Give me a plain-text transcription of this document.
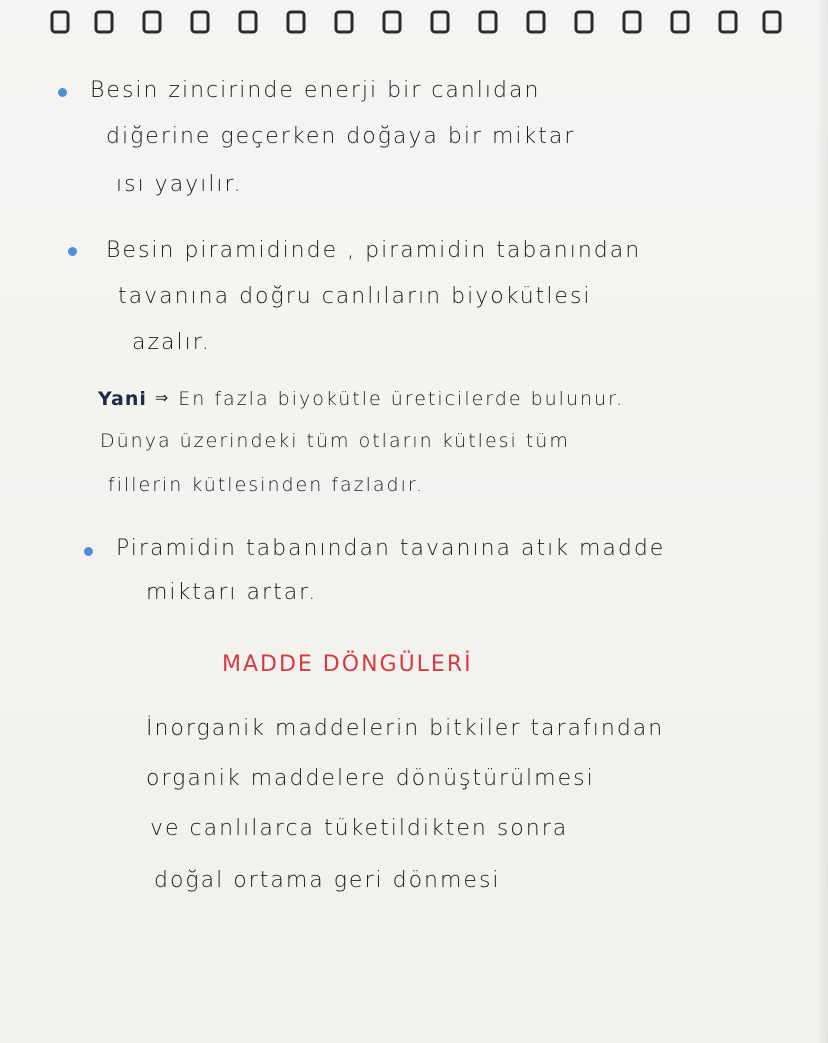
Besin zincirinde enerji bir canlıdan
diğerine geçerken doğaya bir miktar
ısı yayılır.
Besin piramidinde , piramidin tabanından
tavanına doğru canlıların biyokütlesi
azalır.
Yani ⇒ En fazla biyokütle üreticilerde bulunur.
Dünya üzerindeki tüm otların kütlesi tüm
fillerin kütlesinden fazladır.
Piramidin tabanından tavanına atık madde
miktarı artar.
MADDE DÖNGÜLERİ
İnorganik maddelerin bitkiler tarafından
organik maddelere dönüştürülmesi
ve canlılarca tüketildikten sonra
doğal ortama geri dönmesi
